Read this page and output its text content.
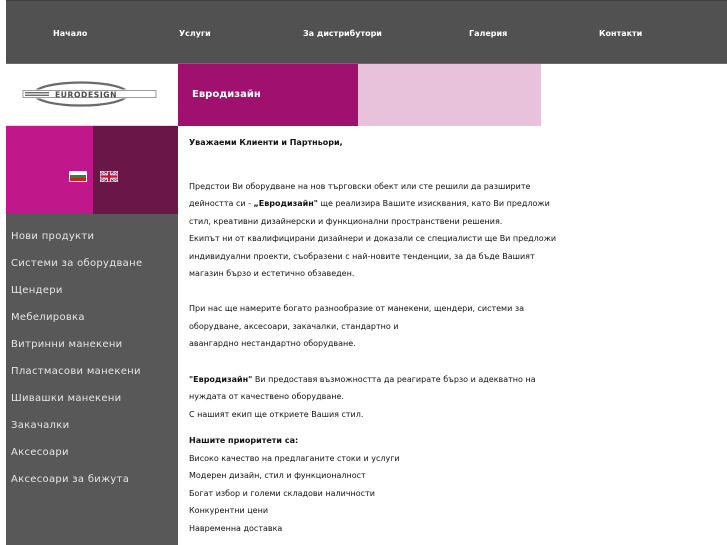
Начало	Услуги	За дистрибутори	Галерия	Контакти
EURODESIGN	Евродизайн
Нови продукти
Системи за оборудване
Щендери
Мебелировка
Витринни манекени
Пластмасови манекени
Шивашки манекени
Закачалки
Аксесоари
Аксесоари за бижута

Уважаеми Клиенти и Партньори,

Предстои Ви оборудване на нов търговски обект или сте решили да разширите

дейността си - „Евродизайн" ще реализира Вашите изисквания, като Ви предложи

стил, креативни дизайнерски и функционални пространствени решения.

Екипът ни от квалифицирани дизайнери и доказали се специалисти ще Ви предложи

индивидуални проекти, съобразени с най-новите тенденции, за да бъде Вашият

магазин бързо и естетично обзаведен.

При нас ще намерите богато разнообразие от манекени, щендери, системи за

оборудване, аксесоари, закачалки, стандартно и

авангардно нестандартно оборудване.

"Евродизайн" Ви предоставя възможността да реагирате бързо и адекватно на

нуждата от качествено оборудване.

С нашият екип ще откриете Вашия стил.

Нашите приоритети са:

Високо качество на предлаганите стоки и услуги

Модерен дизайн, стил и функционалност

Богат избор и големи складови наличности

Конкурентни цени

Навременна доставка
